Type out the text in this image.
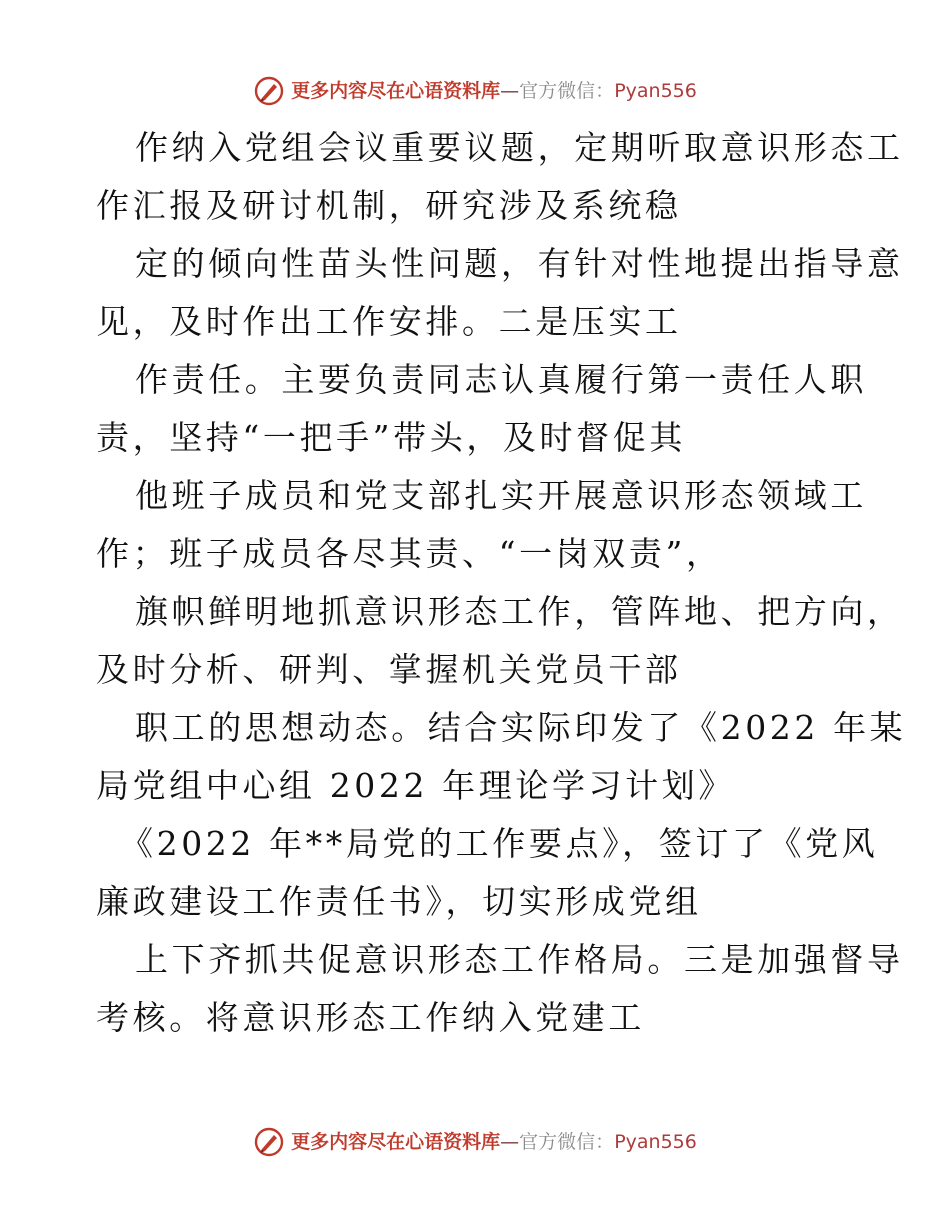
更多内容尽在心语资料库 — 官方微信： Pyan556
作纳入党组会议重要议题，定期听取意识形态工
作汇报及研讨机制，研究涉及系统稳
定的倾向性苗头性问题，有针对性地提出指导意
见，及时作出工作安排。二是压实工
作责任。主要负责同志认真履行第一责任人职
责，坚持“一把手”带头，及时督促其
他班子成员和党支部扎实开展意识形态领域工
作；班子成员各尽其责、“一岗双责”，
旗帜鲜明地抓意识形态工作，管阵地、把方向，
及时分析、研判、掌握机关党员干部
职工的思想动态。结合实际印发了《2022 年某
局党组中心组 2022 年理论学习计划》
《2022 年**局党的工作要点》，签订了《党风
廉政建设工作责任书》，切实形成党组
上下齐抓共促意识形态工作格局。三是加强督导
考核。将意识形态工作纳入党建工
更多内容尽在心语资料库 — 官方微信： Pyan556
